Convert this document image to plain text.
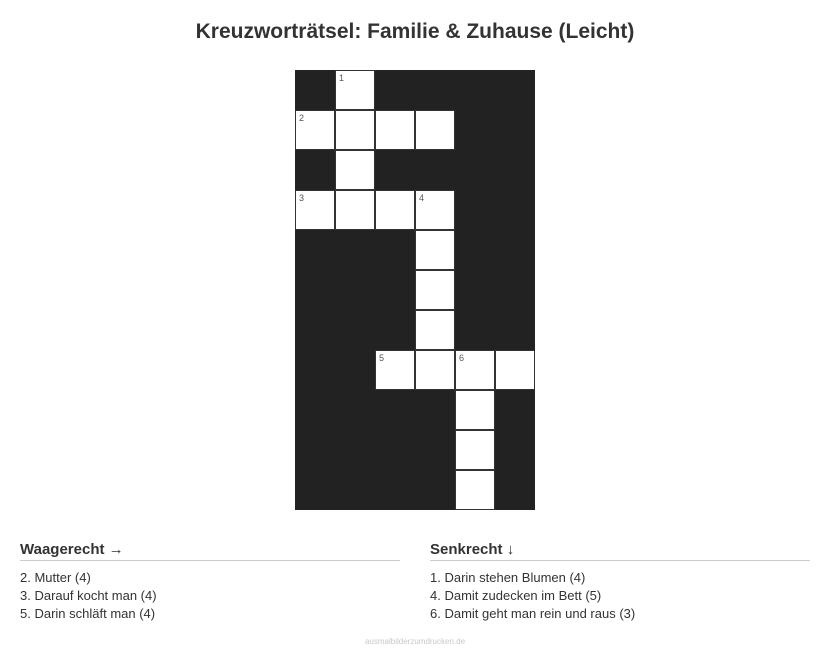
Kreuzworträtsel: Familie & Zuhause (Leicht)
1
2
3	4
5	6
Waagerecht →
2. Mutter (4)
3. Darauf kocht man (4)
5. Darin schläft man (4)
Senkrecht ↓
1. Darin stehen Blumen (4)
4. Damit zudecken im Bett (5)
6. Damit geht man rein und raus (3)
ausmalbilderzumdrucken.de
